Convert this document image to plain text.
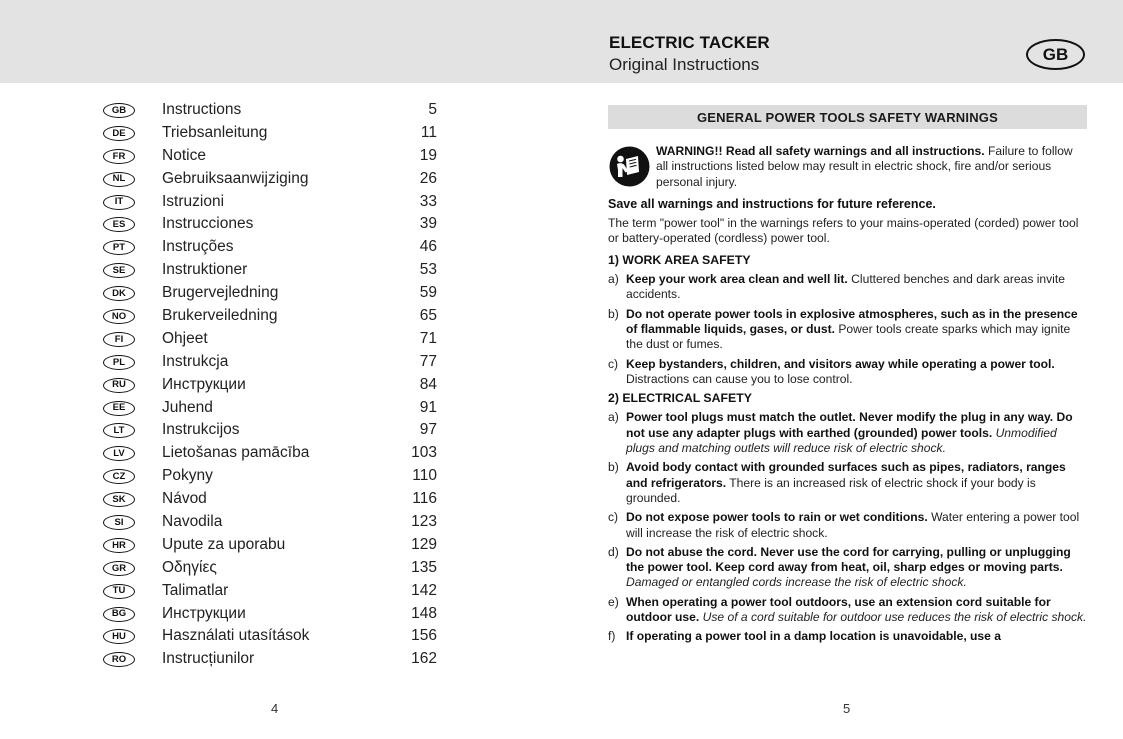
ELECTRIC TACKER
Original Instructions
GB
GB	Instructions	5
DE	Triebsanleitung	11
FR	Notice	19
NL	Gebruiksaanwijziging	26
IT	Istruzioni	33
ES	Instrucciones	39
PT	Instruções	46
SE	Instruktioner	53
DK	Brugervejledning	59
NO	Brukerveiledning	65
FI	Ohjeet	71
PL	Instrukcja	77
RU	Инструкции	84
EE	Juhend	91
LT	Instrukcijos	97
LV	Lietošanas pamācība	103
CZ	Pokyny	110
SK	Návod	116
SI	Navodila	123
HR	Upute za uporabu	129
GR	Οδηγίες	135
TU	Talimatlar	142
BG	Инструкции	148
HU	Használati utasítások	156
RO	Instrucțiunilor	162
4	5
GENERAL POWER TOOLS SAFETY WARNINGS
WARNING!! Read all safety warnings and all instructions. Failure to follow all instructions listed below may result in electric shock, fire and/or serious personal injury.
Save all warnings and instructions for future reference.
The term "power tool" in the warnings refers to your mains-operated (corded) power tool or battery-operated (cordless) power tool.
1) WORK AREA SAFETY
a) Keep your work area clean and well lit. Cluttered benches and dark areas invite accidents.
b) Do not operate power tools in explosive atmospheres, such as in the presence of flammable liquids, gases, or dust. Power tools create sparks which may ignite the dust or fumes.
c) Keep bystanders, children, and visitors away while operating a power tool. Distractions can cause you to lose control.
2) ELECTRICAL SAFETY
a) Power tool plugs must match the outlet. Never modify the plug in any way. Do not use any adapter plugs with earthed (grounded) power tools. Unmodified plugs and matching outlets will reduce risk of electric shock.
b) Avoid body contact with grounded surfaces such as pipes, radiators, ranges and refrigerators. There is an increased risk of electric shock if your body is grounded.
c) Do not expose power tools to rain or wet conditions. Water entering a power tool will increase the risk of electric shock.
d) Do not abuse the cord. Never use the cord for carrying, pulling or unplugging the power tool. Keep cord away from heat, oil, sharp edges or moving parts. Damaged or entangled cords increase the risk of electric shock.
e) When operating a power tool outdoors, use an extension cord suitable for outdoor use. Use of a cord suitable for outdoor use reduces the risk of electric shock.
f) If operating a power tool in a damp location is unavoidable, use a
